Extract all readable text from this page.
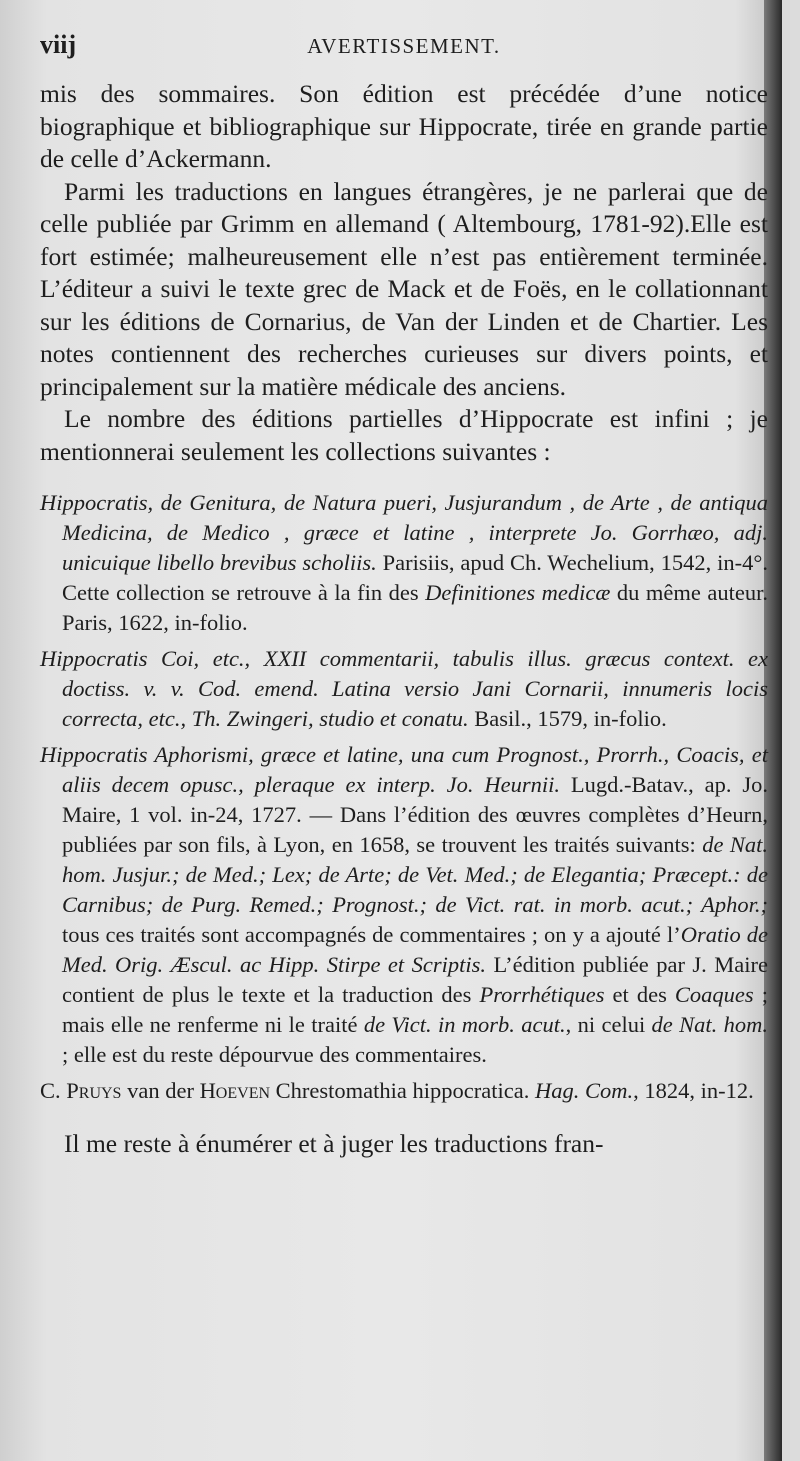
viij	AVERTISSEMENT.

mis des sommaires. Son édition est précédée d’une notice biographique et bibliographique sur Hippocrate, tirée en grande partie de celle d’Ackermann.

Parmi les traductions en langues étrangères, je ne parlerai que de celle publiée par Grimm en allemand ( Altembourg, 1781-92).Elle est fort estimée; malheureusement elle n’est pas entièrement terminée. L’éditeur a suivi le texte grec de Mack et de Foës, en le collationnant sur les éditions de Cornarius, de Van der Linden et de Chartier. Les notes contiennent des recherches curieuses sur divers points, et principalement sur la matière médicale des anciens.

Le nombre des éditions partielles d’Hippocrate est infini ; je mentionnerai seulement les collections suivantes :

Hippocratis, de Genitura, de Natura pueri, Jusjurandum , de Arte , de antiqua Medicina, de Medico , græce et latine , interprete Jo. Gorrhæo, adj. unicuique libello brevibus scholiis. Parisiis, apud Ch. Wechelium, 1542, in-4°. Cette collection se retrouve à la fin des Definitiones medicæ du même auteur. Paris, 1622, in-folio.

Hippocratis Coi, etc., XXII commentarii, tabulis illus. græcus context. ex doctiss. v. v. Cod. emend. Latina versio Jani Cornarii, innumeris locis correcta, etc., Th. Zwingeri, studio et conatu. Basil., 1579, in-folio.

Hippocratis Aphorismi, græce et latine, una cum Prognost., Prorrh., Coacis, et aliis decem opusc., pleraque ex interp. Jo. Heurnii. Lugd.-Batav., ap. Jo. Maire, 1 vol. in-24, 1727. — Dans l’édition des œuvres complètes d’Heurn, publiées par son fils, à Lyon, en 1658, se trouvent les traités suivants: de Nat. hom. Jusjur.; de Med.; Lex; de Arte; de Vet. Med.; de Elegantia; Præcept.: de Carnibus; de Purg. Remed.; Prognost.; de Vict. rat. in morb. acut.; Aphor.; tous ces traités sont accompagnés de commentaires ; on y a ajouté l’Oratio de Med. Orig. Æscul. ac Hipp. Stirpe et Scriptis. L’édition publiée par J. Maire contient de plus le texte et la traduction des Prorrhétiques et des Coaques ; mais elle ne renferme ni le traité de Vict. in morb. acut., ni celui de Nat. hom. ; elle est du reste dépourvue des commentaires.

C. Pruys van der Hoeven Chrestomathia hippocratica. Hag. Com., 1824, in-12.

Il me reste à énumérer et à juger les traductions fran-
